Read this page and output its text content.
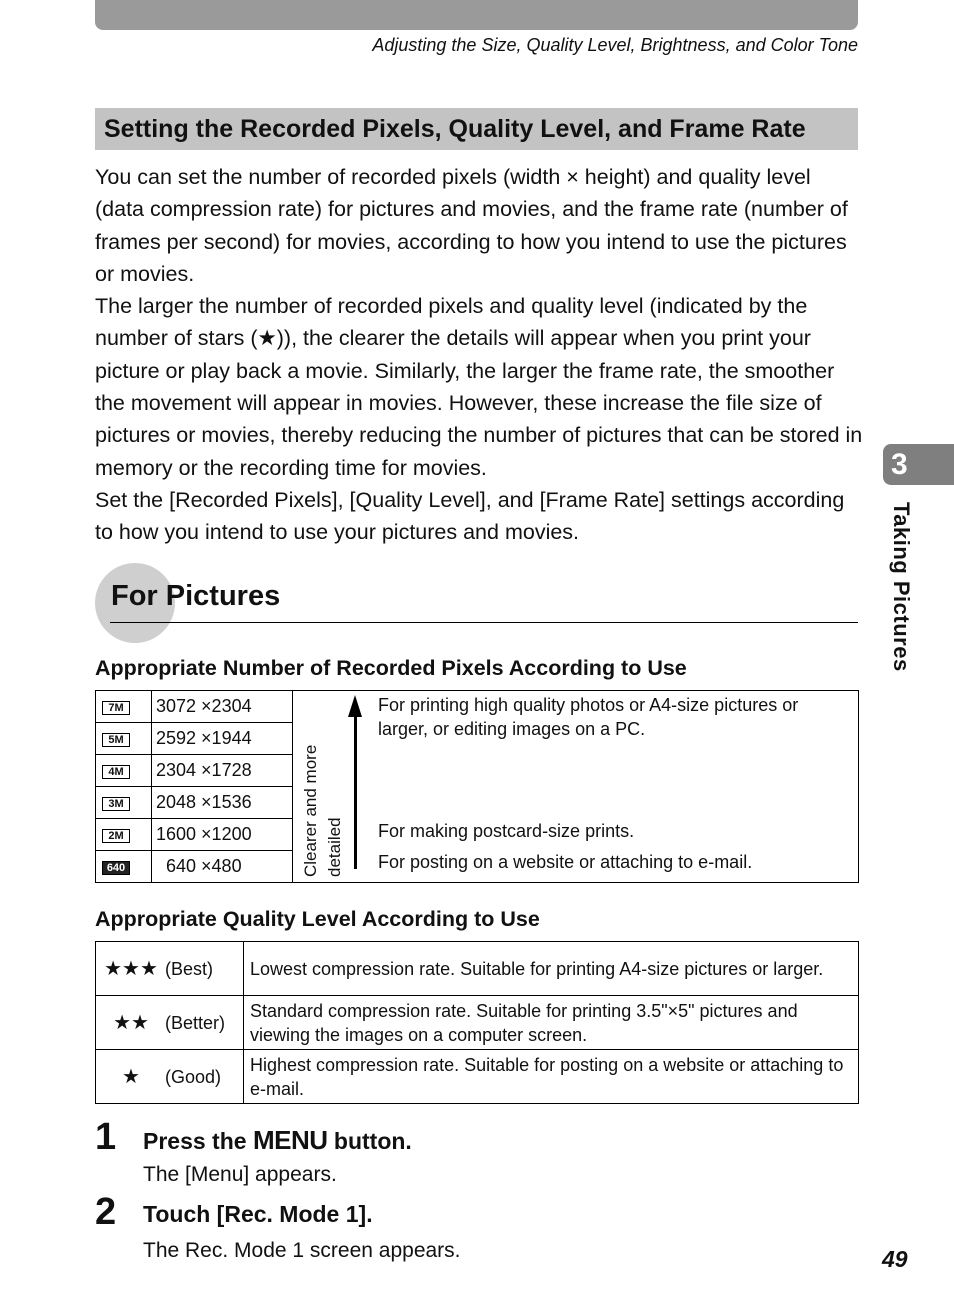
Adjusting the Size, Quality Level, Brightness, and Color Tone
Setting the Recorded Pixels, Quality Level, and Frame Rate

You can set the number of recorded pixels (width × height) and quality level (data compression rate) for pictures and movies, and the frame rate (number of frames per second) for movies, according to how you intend to use the pictures or movies.

The larger the number of recorded pixels and quality level (indicated by the number of stars (★)), the clearer the details will appear when you print your picture or play back a movie. Similarly, the larger the frame rate, the smoother the movement will appear in movies. However, these increase the file size of pictures or movies, thereby reducing the number of pictures that can be stored in memory or the recording time for movies.

Set the [Recorded Pixels], [Quality Level], and [Frame Rate] settings according to how you intend to use your pictures and movies.

3
Taking Pictures
For Pictures
Appropriate Number of Recorded Pixels According to Use
7M	3072 ×2304	Clearer and more detailed
For printing high quality photos or A4-size pictures or larger, or editing images on a PC.
For making postcard-size prints.
For posting on a website or attaching to e-mail.

5M	2592 ×1944	
4M	2304 ×1728	
3M	2048 ×1536	
2M	1600 ×1200	
640	640 ×480	
Appropriate Quality Level According to Use
★★★ (Best)	Lowest compression rate. Suitable for printing A4-size pictures or larger.
★★ (Better)	Standard compression rate. Suitable for printing 3.5"×5" pictures and viewing the images on a computer screen.
★ (Good)	Highest compression rate. Suitable for posting on a website or attaching to e-mail.
1 Press the MENU button.
The [Menu] appears.
2 Touch [Rec. Mode 1].
The Rec. Mode 1 screen appears.	49
